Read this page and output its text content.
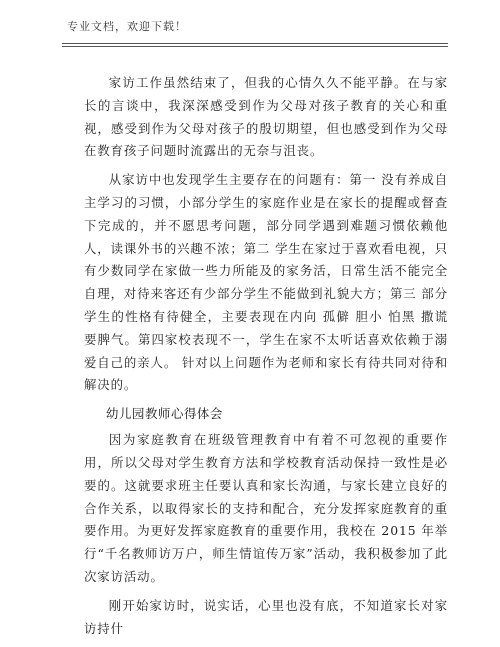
专业文档，欢迎下载！

家访工作虽然结束了，但我的心情久久不能平静。在与家长的言谈中，我深深感受到作为父母对孩子教育的关心和重视，感受到作为父母对孩子的殷切期望，但也感受到作为父母在教育孩子问题时流露出的无奈与沮丧。

从家访中也发现学生主要存在的问题有：第一 没有养成自主学习的习惯，小部分学生的家庭作业是在家长的提醒或督查下完成的，并不愿思考问题，部分同学遇到难题习惯依赖他人，读课外书的兴趣不浓；第二 学生在家过于喜欢看电视，只有少数同学在家做一些力所能及的家务活，日常生活不能完全自理，对待来客还有少部分学生不能做到礼貌大方；第三 部分学生的性格有待健全，主要表现在内向 孤僻 胆小 怕黑 撒谎 要脾气。第四家校表现不一，学生在家不太听话喜欢依赖于溺爱自己的亲人。 针对以上问题作为老师和家长有待共同对待和解决的。

幼儿园教师心得体会

因为家庭教育在班级管理教育中有着不可忽视的重要作用，所以父母对学生教育方法和学校教育活动保持一致性是必要的。这就要求班主任要认真和家长沟通，与家长建立良好的合作关系，以取得家长的支持和配合，充分发挥家庭教育的重要作用。为更好发挥家庭教育的重要作用，我校在 2015 年举行“千名教师访万户，师生情谊传万家”活动，我积极参加了此次家访活动。

刚开始家访时，说实话，心里也没有底，不知道家长对家访持什
